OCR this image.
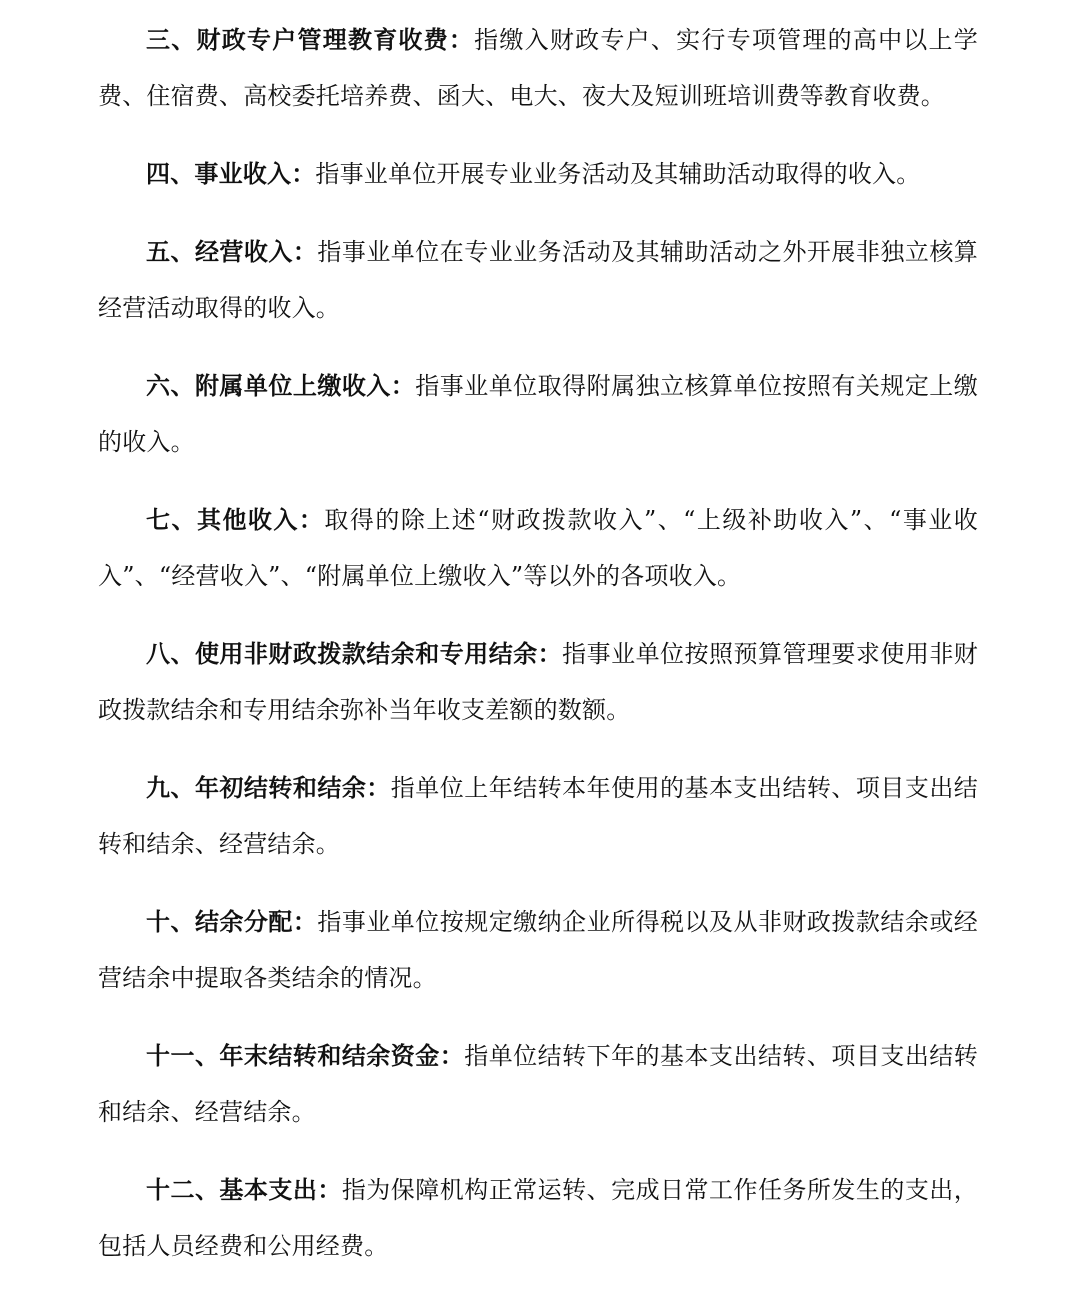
三、财政专户管理教育收费：指缴入财政专户、实行专项管理的高中以上学费、住宿费、高校委托培养费、函大、电大、夜大及短训班培训费等教育收费。

四、事业收入：指事业单位开展专业业务活动及其辅助活动取得的收入。

五、经营收入：指事业单位在专业业务活动及其辅助活动之外开展非独立核算经营活动取得的收入。

六、附属单位上缴收入：指事业单位取得附属独立核算单位按照有关规定上缴的收入。

七、其他收入：取得的除上述“财政拨款收入”、“上级补助收入”、“事业收入”、“经营收入”、“附属单位上缴收入”等以外的各项收入。

八、使用非财政拨款结余和专用结余：指事业单位按照预算管理要求使用非财政拨款结余和专用结余弥补当年收支差额的数额。

九、年初结转和结余：指单位上年结转本年使用的基本支出结转、项目支出结转和结余、经营结余。

十、结余分配：指事业单位按规定缴纳企业所得税以及从非财政拨款结余或经营结余中提取各类结余的情况。

十一、年末结转和结余资金：指单位结转下年的基本支出结转、项目支出结转和结余、经营结余。

十二、基本支出：指为保障机构正常运转、完成日常工作任务所发生的支出，包括人员经费和公用经费。
